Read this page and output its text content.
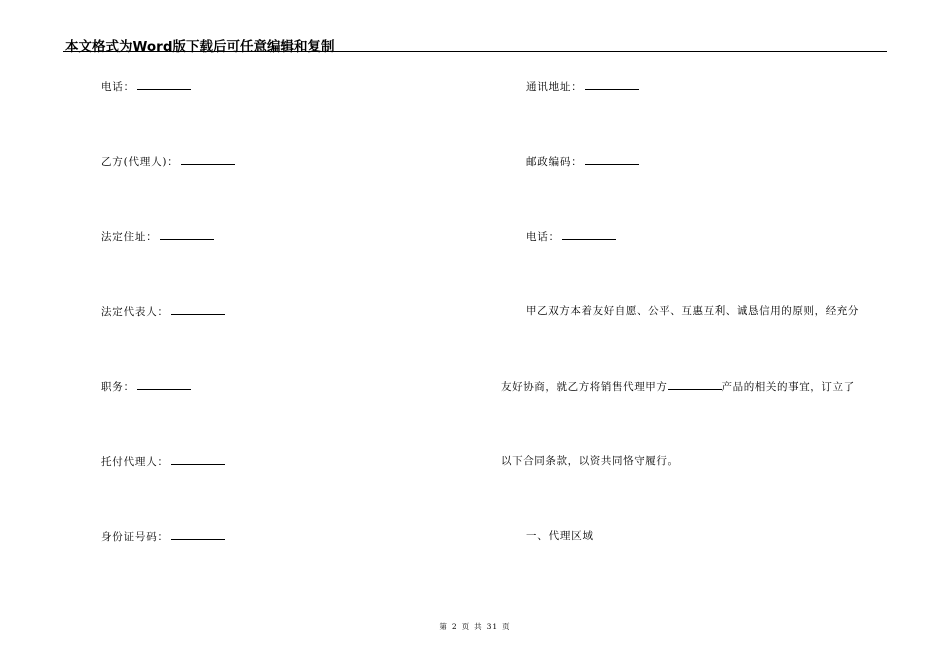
本文格式为Word版下载后可任意编辑和复制
电话：
乙方(代理人)：
法定住址：
法定代表人：
职务：
托付代理人：
身份证号码：
通讯地址：
邮政编码：
电话：
甲乙双方本着友好自愿、公平、互惠互利、诚恳信用的原则，经充分
友好协商，就乙方将销售代理甲方	产品的相关的事宜，订立了
以下合同条款，以资共同恪守履行。
一、代理区域
第 2 页 共 31 页
